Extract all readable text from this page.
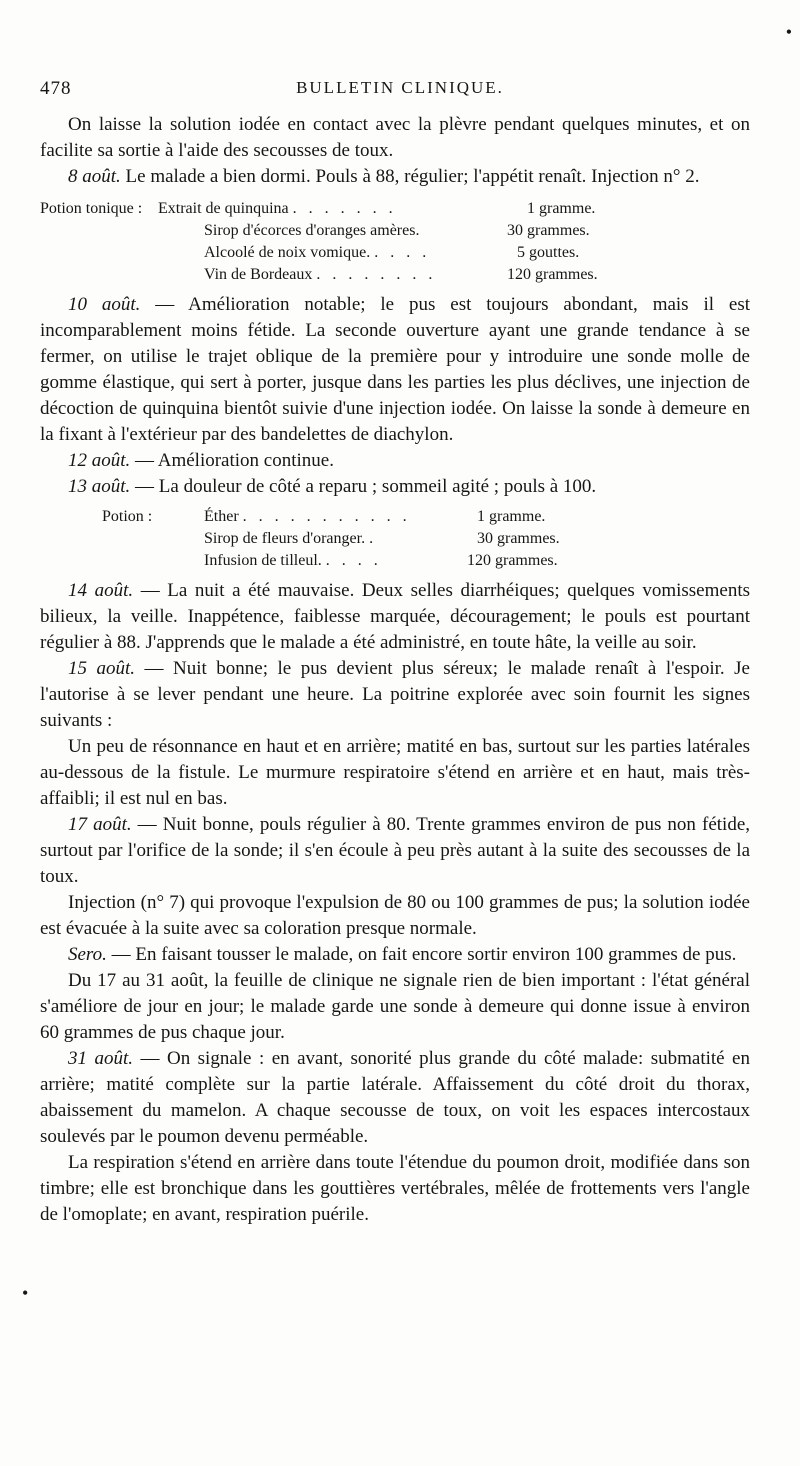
•
•
478	BULLETIN CLINIQUE.

On laisse la solution iodée en contact avec la plèvre pendant quelques minutes, et on facilite sa sortie à l'aide des secousses de toux.

8 août. Le malade a bien dormi. Pouls à 88, régulier; l'appétit renaît. Injection n° 2.

Potion tonique : Extrait de quinquina . . . . . . .	1 gramme.
Sirop d'écorces d'oranges amères.	30 grammes.
Alcoolé de noix vomique. . . . .	5 gouttes.
Vin de Bordeaux . . . . . . . .	120 grammes.

10 août. — Amélioration notable; le pus est toujours abondant, mais il est incomparablement moins fétide. La seconde ouverture ayant une grande tendance à se fermer, on utilise le trajet oblique de la première pour y introduire une sonde molle de gomme élastique, qui sert à porter, jusque dans les parties les plus déclives, une injection de décoction de quinquina bientôt suivie d'une injection iodée. On laisse la sonde à demeure en la fixant à l'extérieur par des bandelettes de diachylon.

12 août. — Amélioration continue.

13 août. — La douleur de côté a reparu ; sommeil agité ; pouls à 100.

Potion :	Éther . . . . . . . . . . .	1 gramme.
Sirop de fleurs d'oranger. .	30 grammes.
Infusion de tilleul. . . . .	120 grammes.

14 août. — La nuit a été mauvaise. Deux selles diarrhéiques; quelques vomissements bilieux, la veille. Inappétence, faiblesse marquée, découragement; le pouls est pourtant régulier à 88. J'apprends que le malade a été administré, en toute hâte, la veille au soir.

15 août. — Nuit bonne; le pus devient plus séreux; le malade renaît à l'espoir. Je l'autorise à se lever pendant une heure. La poitrine explorée avec soin fournit les signes suivants :

Un peu de résonnance en haut et en arrière; matité en bas, surtout sur les parties latérales au-dessous de la fistule. Le murmure respiratoire s'étend en arrière et en haut, mais très-affaibli; il est nul en bas.

17 août. — Nuit bonne, pouls régulier à 80. Trente grammes environ de pus non fétide, surtout par l'orifice de la sonde; il s'en écoule à peu près autant à la suite des secousses de la toux.

Injection (n° 7) qui provoque l'expulsion de 80 ou 100 grammes de pus; la solution iodée est évacuée à la suite avec sa coloration presque normale.

Sero. — En faisant tousser le malade, on fait encore sortir environ 100 grammes de pus.

Du 17 au 31 août, la feuille de clinique ne signale rien de bien important : l'état général s'améliore de jour en jour; le malade garde une sonde à demeure qui donne issue à environ 60 grammes de pus chaque jour.

31 août. — On signale : en avant, sonorité plus grande du côté malade: submatité en arrière; matité complète sur la partie latérale. Affaissement du côté droit du thorax, abaissement du mamelon. A chaque secousse de toux, on voit les espaces intercostaux soulevés par le poumon devenu perméable.

La respiration s'étend en arrière dans toute l'étendue du poumon droit, modifiée dans son timbre; elle est bronchique dans les gouttières vertébrales, mêlée de frottements vers l'angle de l'omoplate; en avant, respiration puérile.
